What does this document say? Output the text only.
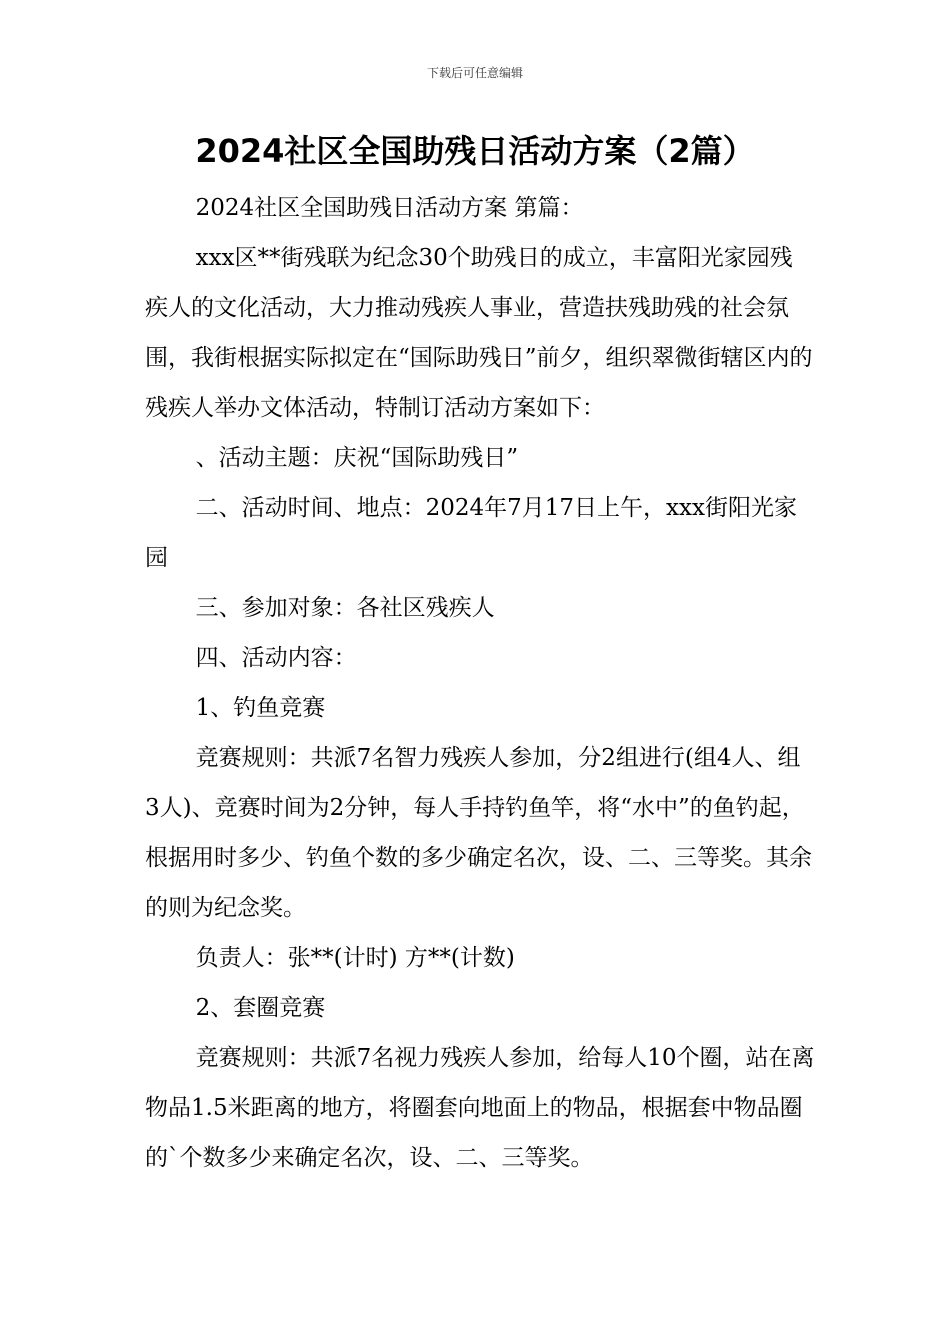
下载后可任意编辑
2024社区全国助残日活动方案（2篇）

2024社区全国助残日活动方案 第篇：

xxx区**街残联为纪念30个助残日的成立，丰富阳光家园残疾人的文化活动，大力推动残疾人事业，营造扶残助残的社会氛围，我街根据实际拟定在“国际助残日”前夕，组织翠微街辖区内的残疾人举办文体活动，特制订活动方案如下：

、活动主题：庆祝“国际助残日”

二、活动时间、地点：2024年7月17日上午，xxx街阳光家园

三、参加对象：各社区残疾人

四、活动内容：

1、钓鱼竞赛

竞赛规则：共派7名智力残疾人参加，分2组进行(组4人、组3人)、竞赛时间为2分钟，每人手持钓鱼竿，将“水中”的鱼钓起，根据用时多少、钓鱼个数的多少确定名次，设、二、三等奖。其余的则为纪念奖。

负责人：张**(计时) 方**(计数)

2、套圈竞赛

竞赛规则：共派7名视力残疾人参加，给每人10个圈，站在离物品1.5米距离的地方，将圈套向地面上的物品，根据套中物品圈的`个数多少来确定名次，设、二、三等奖。
